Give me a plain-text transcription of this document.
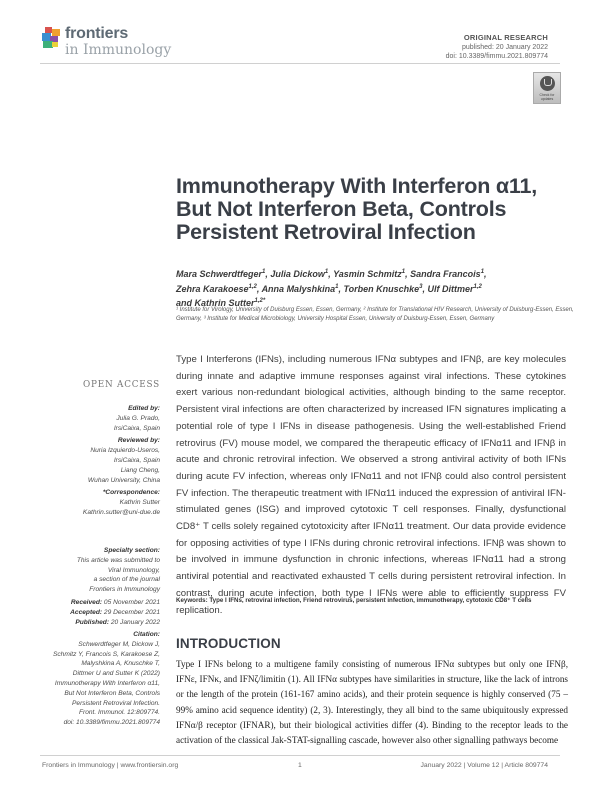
frontiers
in Immunology
ORIGINAL RESEARCH
published: 20 January 2022
doi: 10.3389/fimmu.2021.809774
Check for
updates
Immunotherapy With Interferon α11,
But Not Interferon Beta, Controls
Persistent Retroviral Infection
Mara Schwerdtfeger$^1$, Julia Dickow$^1$, Yasmin Schmitz$^1$, Sandra Francois$^1$,
Zehra Karakoese$^{1,2}$, Anna Malyshkina$^1$, Torben Knuschke$^3$, Ulf Dittmer$^{1,2}$
and Kathrin Sutter$^{1,2*}$
¹ Institute for Virology, University of Duisburg Essen, Essen, Germany, ² Institute for Translational HIV Research, University of Duisburg-Essen, Essen, Germany, ³ Institute for Medical Microbiology, University Hospital Essen, University of Duisburg-Essen, Essen, Germany
Type I Interferons (IFNs), including numerous IFNα subtypes and IFNβ, are key molecules during innate and adaptive immune responses against viral infections. These cytokines exert various non-redundant biological activities, although binding to the same receptor. Persistent viral infections are often characterized by increased IFN signatures implicating a potential role of type I IFNs in disease pathogenesis. Using the well-established Friend retrovirus (FV) mouse model, we compared the therapeutic efficacy of IFNα11 and IFNβ in acute and chronic retroviral infection. We observed a strong antiviral activity of both IFNs during acute FV infection, whereas only IFNα11 and not IFNβ could also control persistent FV infection. The therapeutic treatment with IFNα11 induced the expression of antiviral IFN-stimulated genes (ISG) and improved cytotoxic T cell responses. Finally, dysfunctional CD8⁺ T cells solely regained cytotoxicity after IFNα11 treatment. Our data provide evidence for opposing activities of type I IFNs during chronic retroviral infections. IFNβ was shown to be involved in immune dysfunction in chronic infections, whereas IFNα11 had a strong antiviral potential and reactivated exhausted T cells during persistent retroviral infection. In contrast, during acute infection, both type I IFNs were able to efficiently suppress FV replication.
Keywords: Type I IFNs, retroviral infection, Friend retrovirus, persistent infection, immunotherapy, cytotoxic CD8⁺ T cells
INTRODUCTION
Type I IFNs belong to a multigene family consisting of numerous IFNα subtypes but only one IFNβ, IFNε, IFNκ, and IFNζ/limitin (1). All IFNα subtypes have similarities in structure, like the lack of introns or the length of the protein (161-167 amino acids), and their protein sequence is highly conserved (75 – 99% amino acid sequence identity) (2, 3). Interestingly, they all bind to the same ubiquitously expressed IFNα/β receptor (IFNAR), but their biological activities differ (4). Binding to the receptor leads to the activation of the classical Jak-STAT-signalling cascade, however also other signalling pathways become
OPEN ACCESS
Edited by:
Julia G. Prado,
IrsiCaixa, Spain
Reviewed by:
Nuria Izquierdo-Useros,
IrsiCaixa, Spain
Liang Cheng,
Wuhan University, China
*Correspondence:
Kathrin Sutter
Kathrin.sutter@uni-due.de
Specialty section:
This article was submitted to
Viral Immunology,
a section of the journal
Frontiers in Immunology
Received: 05 November 2021
Accepted: 29 December 2021
Published: 20 January 2022
Citation:
Schwerdtfeger M, Dickow J,
Schmitz Y, Francois S, Karakoese Z,
Malyshkina A, Knuschke T,
Dittmer U and Sutter K (2022)
Immunotherapy With Interferon α11,
But Not Interferon Beta, Controls
Persistent Retroviral Infection.
Front. Immunol. 12:809774.
doi: 10.3389/fimmu.2021.809774
Frontiers in Immunology | www.frontiersin.org	1	January 2022 | Volume 12 | Article 809774
